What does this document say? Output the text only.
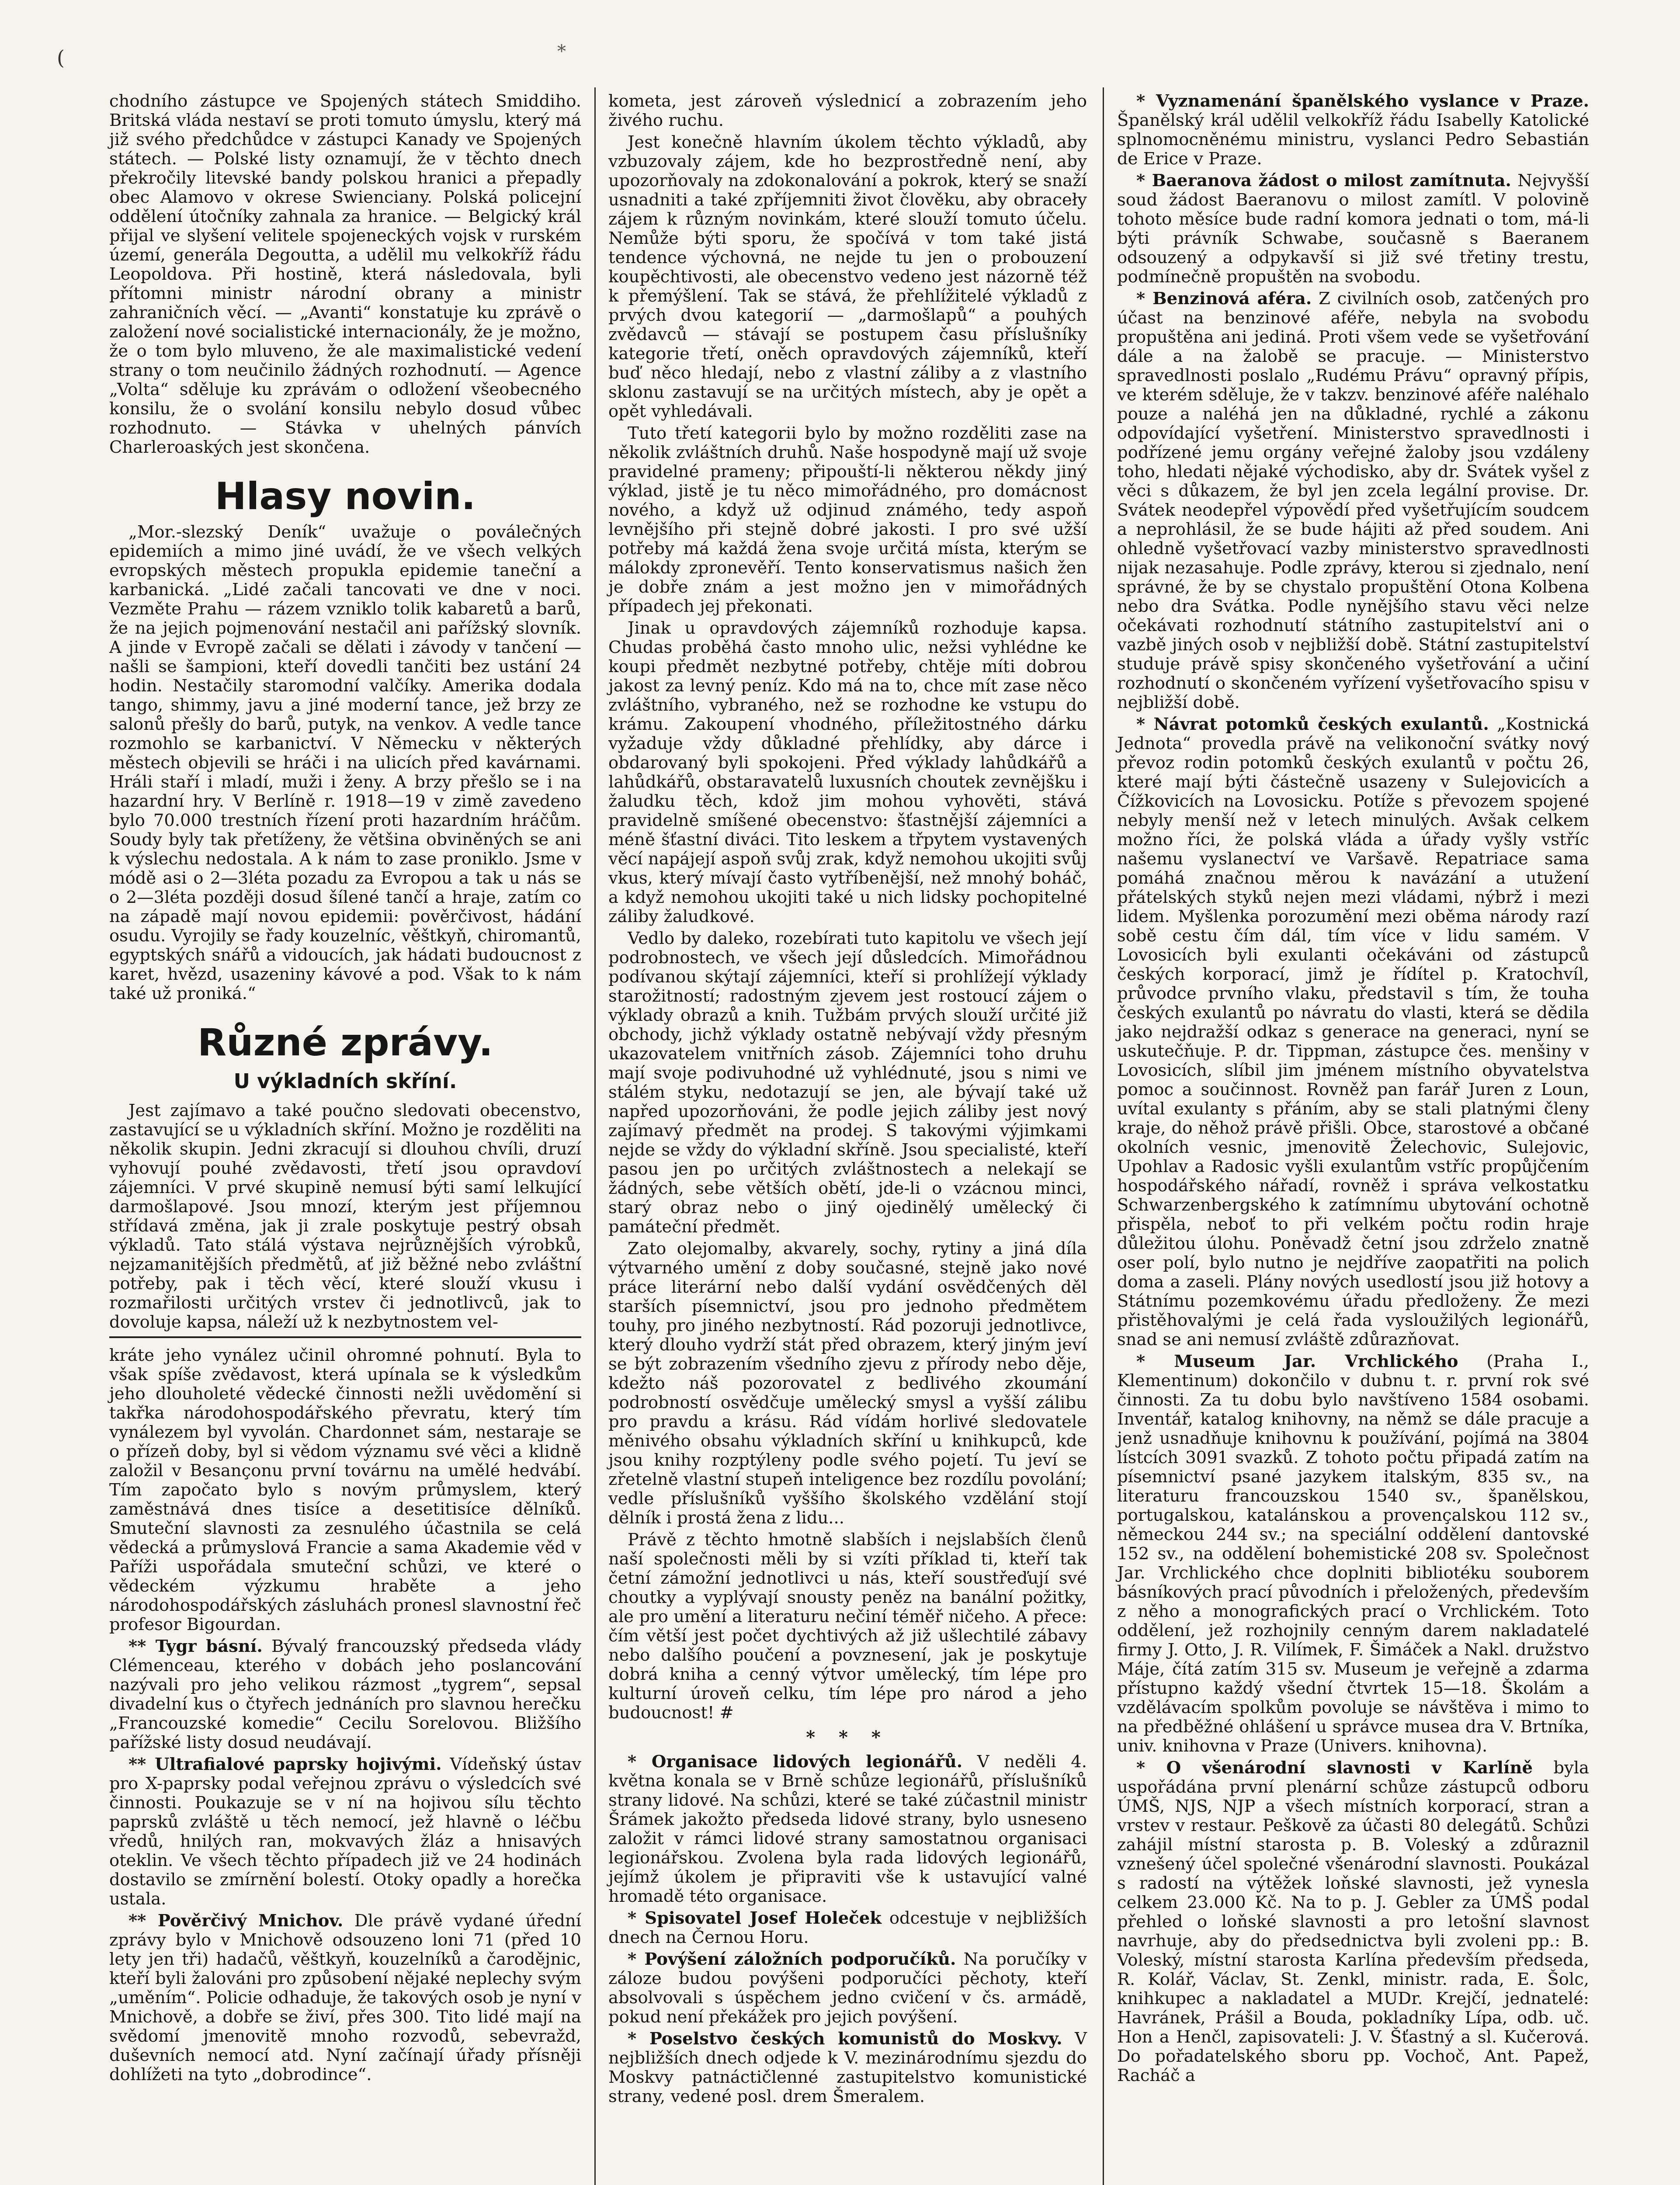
(	*

chodního zástupce ve Spojených státech Smiddiho. Britská vláda nestaví se proti tomuto úmyslu, který má již svého předchůdce v zástupci Kanady ve Spojených státech. — Polské listy oznamují, že v těchto dnech překročily litevské bandy polskou hranici a přepadly obec Alamovo v okrese Swienciany. Polská policejní oddělení útočníky zahnala za hranice. — Belgický král přijal ve slyšení velitele spojeneckých vojsk v rurském území, generála Degoutta, a udělil mu velkokříž řádu Leopoldova. Při hostině, která následovala, byli přítomni ministr národní obrany a ministr zahraničních věcí. — „Avanti“ konstatuje ku zprávě o založení nové socialistické internacionály, že je možno, že o tom bylo mluveno, že ale maximalistické vedení strany o tom neučinilo žádných rozhodnutí. — Agence „Volta“ sděluje ku zprávám o odložení všeobecného konsilu, že o svolání konsilu nebylo dosud vůbec rozhodnuto. — Stávka v uhelných pánvích Charleroaských jest skončena.

Hlasy novin.

„Mor.-slezský Deník“ uvažuje o poválečných epidemiích a mimo jiné uvádí, že ve všech velkých evropských městech propukla epidemie taneční a karbanická. „Lidé začali tancovati ve dne v noci. Vezměte Prahu — rázem vzniklo tolik kabaretů a barů, že na jejich pojmenování nestačil ani pařížský slovník. A jinde v Evropě začali se dělati i závody v tančení — našli se šampioni, kteří dovedli tančiti bez ustání 24 hodin. Nestačily staromodní valčíky. Amerika dodala tango, shimmy, javu a jiné moderní tance, jež brzy ze salonů přešly do barů, putyk, na venkov. A vedle tance rozmohlo se karbanictví. V Německu v některých městech objevili se hráči i na ulicích před kavárnami. Hráli staří i mladí, muži i ženy. A brzy přešlo se i na hazardní hry. V Berlíně r. 1918—19 v zimě zavedeno bylo 70.000 trestních řízení proti hazardním hráčům. Soudy byly tak přetíženy, že většina obviněných se ani k výslechu nedostala. A k nám to zase proniklo. Jsme v módě asi o 2—3léta pozadu za Evropou a tak u nás se o 2—3léta později dosud šílené tančí a hraje, zatím co na západě mají novou epidemii: pověrčivost, hádání osudu. Vyrojily se řady kouzelníc, věštkyň, chiromantů, egyptských snářů a vidoucích, jak hádati budoucnost z karet, hvězd, usazeniny kávové a pod. Však to k nám také už proniká.“

Různé zprávy.
U výkladních skříní.

Jest zajímavo a také poučno sledovati obecenstvo, zastavující se u výkladních skříní. Možno je rozděliti na několik skupin. Jedni zkracují si dlouhou chvíli, druzí vyhovují pouhé zvědavosti, třetí jsou opravdoví zájemníci. V prvé skupině nemusí býti samí lelkující darmošlapové. Jsou mnozí, kterým jest příjemnou střídavá změna, jak ji zrale poskytuje pestrý obsah výkladů. Tato stálá výstava nejrůznějších výrobků, nejzamanitějších předmětů, ať již běžné nebo zvláštní potřeby, pak i těch věcí, které slouží vkusu i rozmařilosti určitých vrstev či jednotlivců, jak to dovoluje kapsa, náleží už k nezbytnostem vel-

kráte jeho vynález učinil ohromné pohnutí. Byla to však spíše zvědavost, která upínala se k výsledkům jeho dlouholeté vědecké činnosti nežli uvědomění si takřka národohospodářského převratu, který tím vynálezem byl vyvolán. Chardonnet sám, nestaraje se o přízeň doby, byl si vědom významu své věci a klidně založil v Besançonu první továrnu na umělé hedvábí. Tím započato bylo s novým průmyslem, který zaměstnává dnes tisíce a desetitisíce dělníků. Smuteční slavnosti za zesnulého účastnila se celá vědecká a průmyslová Francie a sama Akademie věd v Paříži uspořádala smuteční schůzi, ve které o vědeckém výzkumu hraběte a jeho národohospodářských zásluhách pronesl slavnostní řeč profesor Bigourdan.

** Tygr básní. Bývalý francouzský předseda vlády Clémenceau, kterého v dobách jeho poslancování nazývali pro jeho velikou rázmost „tygrem“, sepsal divadelní kus o čtyřech jednáních pro slavnou herečku „Francouzské komedie“ Cecilu Sorelovou. Bližšího pařížské listy dosud neudávají.

** Ultrafialové paprsky hojivými. Vídeňský ústav pro X-paprsky podal veřejnou zprávu o výsledcích své činnosti. Poukazuje se v ní na hojivou sílu těchto paprsků zvláště u těch nemocí, jež hlavně o léčbu vředů, hnilých ran, mokvavých žláz a hnisavých oteklin. Ve všech těchto případech již ve 24 hodinách dostavilo se zmírnění bolestí. Otoky opadly a horečka ustala.

** Pověrčivý Mnichov. Dle právě vydané úřední zprávy bylo v Mnichově odsouzeno loni 71 (před 10 lety jen tři) hadačů, věštkyň, kouzelníků a čarodějnic, kteří byli žalováni pro způsobení nějaké neplechy svým „uměním“. Policie odhaduje, že takových osob je nyní v Mnichově, a dobře se živí, přes 300. Tito lidé mají na svědomí jmenovitě mnoho rozvodů, sebevražd, duševních nemocí atd. Nyní začínají úřady přísněji dohlížeti na tyto „dobrodince“.

kometa, jest zároveň výslednicí a zobrazením jeho živého ruchu.

Jest konečně hlavním úkolem těchto výkladů, aby vzbuzovaly zájem, kde ho bezprostředně není, aby upozorňovaly na zdokonalování a pokrok, který se snaží usnadniti a také zpříjemniti život člověku, aby obraceły zájem k různým novinkám, které slouží tomuto účelu. Nemůže býti sporu, že spočívá v tom také jistá tendence výchovná, ne nejde tu jen o probouzení koupěchtivosti, ale obecenstvo vedeno jest názorně též k přemýšlení. Tak se stává, že přehlížitelé výkladů z prvých dvou kategorií — „darmošlapů“ a pouhých zvědavců — stávají se postupem času příslušníky kategorie třetí, oněch opravdových zájemníků, kteří buď něco hledají, nebo z vlastní záliby a z vlastního sklonu zastavují se na určitých místech, aby je opět a opět vyhledávali.

Tuto třetí kategorii bylo by možno rozděliti zase na několik zvláštních druhů. Naše hospodyně mají už svoje pravidelné prameny; připouští-li některou někdy jiný výklad, jistě je tu něco mimořádného, pro domácnost nového, a když už odjinud známého, tedy aspoň levnějšího při stejně dobré jakosti. I pro své užší potřeby má každá žena svoje určitá místa, kterým se málokdy zpronevěří. Tento konservatismus našich žen je dobře znám a jest možno jen v mimořádných případech jej překonati.

Jinak u opravdových zájemníků rozhoduje kapsa. Chudas proběhá často mnoho ulic, nežsi vyhlédne ke koupi předmět nezbytné potřeby, chtěje míti dobrou jakost za levný peníz. Kdo má na to, chce mít zase něco zvláštního, vybraného, než se rozhodne ke vstupu do krámu. Zakoupení vhodného, příležitostného dárku vyžaduje vždy důkladné přehlídky, aby dárce i obdarovaný byli spokojeni. Před výklady lahůdkářů a lahůdkářů, obstaravatelů luxusních choutek zevnějšku i žaludku těch, kdož jim mohou vyhověti, stává pravidelně smíšené obecenstvo: šťastnější zájemníci a méně šťastní diváci. Tito leskem a třpytem vystavených věcí napájejí aspoň svůj zrak, když nemohou ukojiti svůj vkus, který mívají často vytříbenější, než mnohý boháč, a když nemohou ukojiti také u nich lidsky pochopitelné záliby žaludkové.

Vedlo by daleko, rozebírati tuto kapitolu ve všech její podrobnostech, ve všech její důsledcích. Mimořádnou podívanou skýtají zájemníci, kteří si prohlížejí výklady starožitností; radostným zjevem jest rostoucí zájem o výklady obrazů a knih. Tužbám prvých slouží určité již obchody, jichž výklady ostatně nebývají vždy přesným ukazovatelem vnitřních zásob. Zájemníci toho druhu mají svoje podivuhodné už vyhlédnuté, jsou s nimi ve stálém styku, nedotazují se jen, ale bývají také už napřed upozorňováni, že podle jejich záliby jest nový zajímavý předmět na prodej. S takovými výjimkami nejde se vždy do výkladní skříně. Jsou specialisté, kteří pasou jen po určitých zvláštnostech a nelekají se žádných, sebe větších obětí, jde-li o vzácnou minci, starý obraz nebo o jiný ojedinělý umělecký či památeční předmět.

Zato olejomalby, akvarely, sochy, rytiny a jiná díla výtvarného umění z doby současné, stejně jako nové práce literární nebo další vydání osvědčených děl starších písemnictví, jsou pro jednoho předmětem touhy, pro jiného nezbytností. Rád pozoruji jednotlivce, který dlouho vydrží stát před obrazem, který jiným jeví se být zobrazením všedního zjevu z přírody nebo děje, kdežto náš pozorovatel z bedlivého zkoumání podrobností osvědčuje umělecký smysl a vyšší zálibu pro pravdu a krásu. Rád vídám horlivé sledovatele měnivého obsahu výkladních skříní u knihkupců, kde jsou knihy rozptýleny podle svého pojetí. Tu jeví se zřetelně vlastní stupeň inteligence bez rozdílu povolání; vedle příslušníků vyššího školského vzdělání stojí dělník i prostá žena z lidu...

Právě z těchto hmotně slabších i nejslabších členů naší společnosti měli by si vzíti příklad ti, kteří tak četní zámožní jednotlivci u nás, kteří soustřeďují své choutky a vyplývají snousty peněz na banální požitky, ale pro umění a literaturu nečiní téměř ničeho. A přece: čím větší jest počet dychtivých až již ušlechtilé zábavy nebo dalšího poučení a povznesení, jak je poskytuje dobrá kniha a cenný výtvor umělecký, tím lépe pro kulturní úroveň celku, tím lépe pro národ a jeho budoucnost! #

* * *

* Organisace lidových legionářů. V neděli 4. května konala se v Brně schůze legionářů, příslušníků strany lidové. Na schůzi, které se také zúčastnil ministr Šrámek jakožto předseda lidové strany, bylo usneseno založit v rámci lidové strany samostatnou organisaci legionářskou. Zvolena byla rada lidových legionářů, jejímž úkolem je připraviti vše k ustavující valné hromadě této organisace.

* Spisovatel Josef Holeček odcestuje v nejbližších dnech na Černou Horu.

* Povýšení záložních podporučíků. Na poručíky v záloze budou povýšeni podporučíci pěchoty, kteří absolvovali s úspěchem jedno cvičení v čs. armádě, pokud není překážek pro jejich povýšení.

* Poselstvo českých komunistů do Moskvy. V nejbližších dnech odjede k V. mezinárodnímu sjezdu do Moskvy patnáctičlenné zastupitelstvo komunistické strany, vedené posl. drem Šmeralem.

* Vyznamenání španělského vyslance v Praze. Španělský král udělil velkokříž řádu Isabelly Katolické splnomocněnému ministru, vyslanci Pedro Sebastián de Erice v Praze.

* Baeranova žádost o milost zamítnuta. Nejvyšší soud žádost Baeranovu o milost zamítl. V polovině tohoto měsíce bude radní komora jednati o tom, má-li býti právník Schwabe, současně s Baeranem odsouzený a odpykavší si již své třetiny trestu, podmínečně propuštěn na svobodu.

* Benzinová aféra. Z civilních osob, zatčených pro účast na benzinové aféře, nebyla na svobodu propuštěna ani jediná. Proti všem vede se vyšetřování dále a na žalobě se pracuje. — Ministerstvo spravedlnosti poslalo „Rudému Právu“ opravný přípis, ve kterém sděluje, že v takzv. benzinové aféře naléhalo pouze a naléhá jen na důkladné, rychlé a zákonu odpovídající vyšetření. Ministerstvo spravedlnosti i podřízené jemu orgány veřejné žaloby jsou vzdáleny toho, hledati nějaké východisko, aby dr. Svátek vyšel z věci s důkazem, že byl jen zcela legální provise. Dr. Svátek neodepřel výpovědí před vyšetřujícím soudcem a neprohlásil, že se bude hájiti až před soudem. Ani ohledně vyšetřovací vazby ministerstvo spravedlnosti nijak nezasahuje. Podle zprávy, kterou si zjednalo, není správné, že by se chystalo propuštění Otona Kolbena nebo dra Svátka. Podle nynějšího stavu věci nelze očekávati rozhodnutí státního zastupitelství ani o vazbě jiných osob v nejbližší době. Státní zastupitelství studuje právě spisy skončeného vyšetřování a učiní rozhodnutí o skončeném vyřízení vyšetřovacího spisu v nejbližší době.

* Návrat potomků českých exulantů. „Kostnická Jednota“ provedla právě na velikonoční svátky nový převoz rodin potomků českých exulantů v počtu 26, které mají býti částečně usazeny v Sulejovicích a Čížkovicích na Lovosicku. Potíže s převozem spojené nebyly menší než v letech minulých. Avšak celkem možno říci, že polská vláda a úřady vyšly vstříc našemu vyslanectví ve Varšavě. Repatriace sama pomáhá značnou měrou k navázání a utužení přátelských styků nejen mezi vládami, nýbrž i mezi lidem. Myšlenka porozumění mezi oběma národy razí sobě cestu čím dál, tím více v lidu samém. V Lovosicích byli exulanti očekáváni od zástupců českých korporací, jimž je řídítel p. Kratochvíl, průvodce prvního vlaku, představil s tím, že touha českých exulantů po návratu do vlasti, která se dědila jako nejdražší odkaz s generace na generaci, nyní se uskutečňuje. P. dr. Tippman, zástupce čes. menšiny v Lovosicích, slíbil jim jménem místního obyvatelstva pomoc a součinnost. Rovněž pan farář Juren z Loun, uvítal exulanty s přáním, aby se stali platnými členy kraje, do něhož právě přišli. Obce, starostové a občané okolních vesnic, jmenovitě Želechovic, Sulejovic, Upohlav a Radosic vyšli exulantům vstříc propůjčením hospodářského nářadí, rovněž i správa velkostatku Schwarzenbergského k zatímnímu ubytování ochotně přispěla, neboť to při velkém počtu rodin hraje důležitou úlohu. Poněvadž četní jsou zdrželo znatně oser polí, bylo nutno je nejdříve zaopatřiti na polich doma a zaseli. Plány nových usedlostí jsou již hotovy a Státnímu pozemkovému úřadu předloženy. Že mezi přistěhovalými je celá řada vysloužilých legionářů, snad se ani nemusí zvláště zdůrazňovat.

* Museum Jar. Vrchlického (Praha I., Klementinum) dokončilo v dubnu t. r. první rok své činnosti. Za tu dobu bylo navštíveno 1584 osobami. Inventář, katalog knihovny, na němž se dále pracuje a jenž usnadňuje knihovnu k používání, pojímá na 3804 lístcích 3091 svazků. Z tohoto počtu připadá zatím na písemnictví psané jazykem italským, 835 sv., na literaturu francouzskou 1540 sv., španělskou, portugalskou, katalánskou a provençalskou 112 sv., německou 244 sv.; na speciální oddělení dantovské 152 sv., na oddělení bohemistické 208 sv. Společnost Jar. Vrchlického chce doplniti bibliotéku souborem básníkových prací původních i přeložených, především z něho a monografických prací o Vrchlickém. Toto oddělení, jež rozhojnily cenným darem nakladatelé firmy J. Otto, J. R. Vilímek, F. Šimáček a Nakl. družstvo Máje, čítá zatím 315 sv. Museum je veřejně a zdarma přístupno každý všední čtvrtek 15—18. Školám a vzdělávacím spolkům povoluje se návštěva i mimo to na předběžné ohlášení u správce musea dra V. Brtníka, univ. knihovna v Praze (Univers. knihovna).

* O všenárodní slavnosti v Karlíně byla uspořádána první plenární schůze zástupců odboru ÚMŠ, NJS, NJP a všech místních korporací, stran a vrstev v restaur. Peškově za účasti 80 delegátů. Schůzi zahájil místní starosta p. B. Voleský a zdůraznil vznešený účel společné všenárodní slavnosti. Poukázal s radostí na výtěžek loňské slavnosti, jež vynesla celkem 23.000 Kč. Na to p. J. Gebler za ÚMŠ podal přehled o loňské slavnosti a pro letošní slavnost navrhuje, aby do předsednictva byli zvoleni pp.: B. Voleský, místní starosta Karlína především předseda, R. Kolář, Václav, St. Zenkl, ministr. rada, E. Šolc, knihkupec a nakladatel a MUDr. Krejčí, jednatelé: Havránek, Prášil a Bouda, pokladníky Lípa, odb. uč. Hon a Henčl, zapisovateli: J. V. Šťastný a sl. Kučerová. Do pořadatelského sboru pp. Vochoč, Ant. Papež, Racháč a
